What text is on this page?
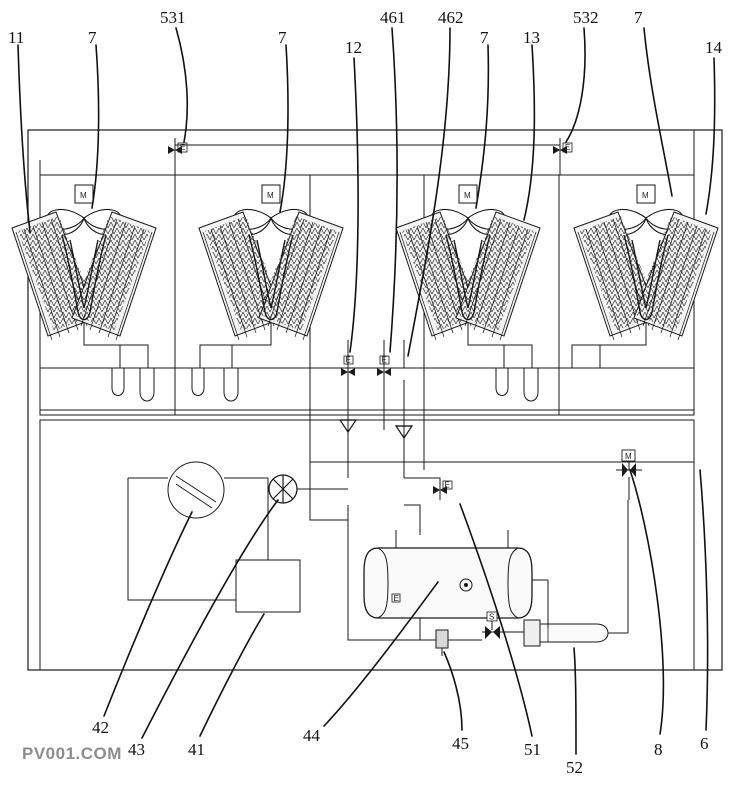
E	E
M	M	M	M
E	E
E
M
E
S
11	7
531
7
12
461 462
7 13
532 7
14
42
43	41
44	45	51
52
8 6
PV001.COM
